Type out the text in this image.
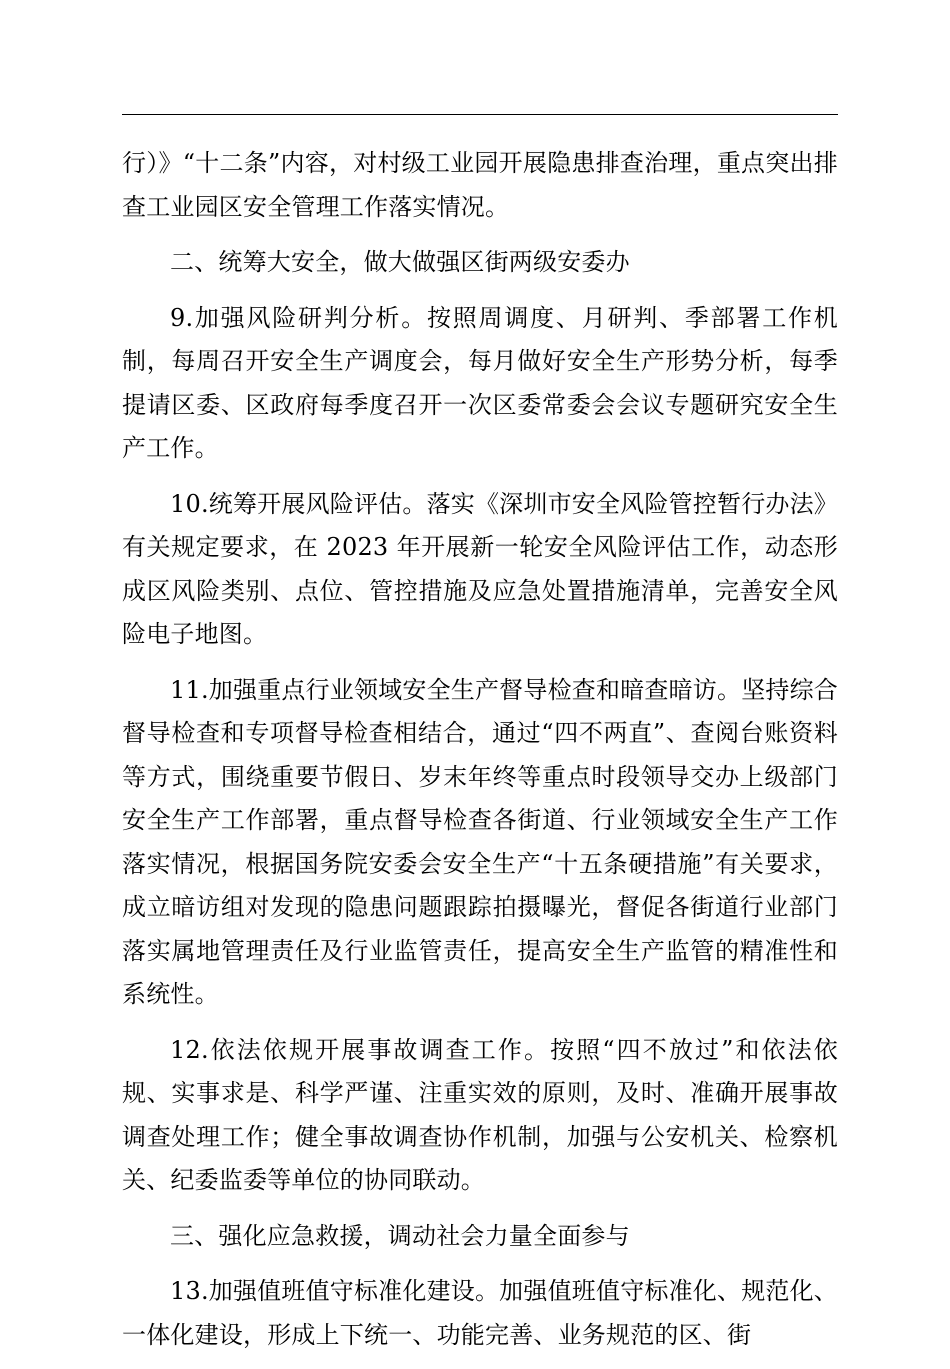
行）》“十二条”内容，对村级工业园开展隐患排查治理，重点突出排查工业园区安全管理工作落实情况。

二、统筹大安全，做大做强区街两级安委办

9.加强风险研判分析。按照周调度、月研判、季部署工作机制，每周召开安全生产调度会，每月做好安全生产形势分析，每季提请区委、区政府每季度召开一次区委常委会会议专题研究安全生产工作。

10.统筹开展风险评估。落实《深圳市安全风险管控暂行办法》有关规定要求，在 2023 年开展新一轮安全风险评估工作，动态形成区风险类别、点位、管控措施及应急处置措施清单，完善安全风险电子地图。

11.加强重点行业领域安全生产督导检查和暗查暗访。坚持综合督导检查和专项督导检查相结合，通过“四不两直”、查阅台账资料等方式，围绕重要节假日、岁末年终等重点时段领导交办上级部门安全生产工作部署，重点督导检查各街道、行业领域安全生产工作落实情况，根据国务院安委会安全生产“十五条硬措施”有关要求，成立暗访组对发现的隐患问题跟踪拍摄曝光，督促各街道行业部门落实属地管理责任及行业监管责任，提高安全生产监管的精准性和系统性。

12.依法依规开展事故调查工作。按照“四不放过”和依法依规、实事求是、科学严谨、注重实效的原则，及时、准确开展事故调查处理工作；健全事故调查协作机制，加强与公安机关、检察机关、纪委监委等单位的协同联动。

三、强化应急救援，调动社会力量全面参与

13.加强值班值守标准化建设。加强值班值守标准化、规范化、一体化建设，形成上下统一、功能完善、业务规范的区、街
